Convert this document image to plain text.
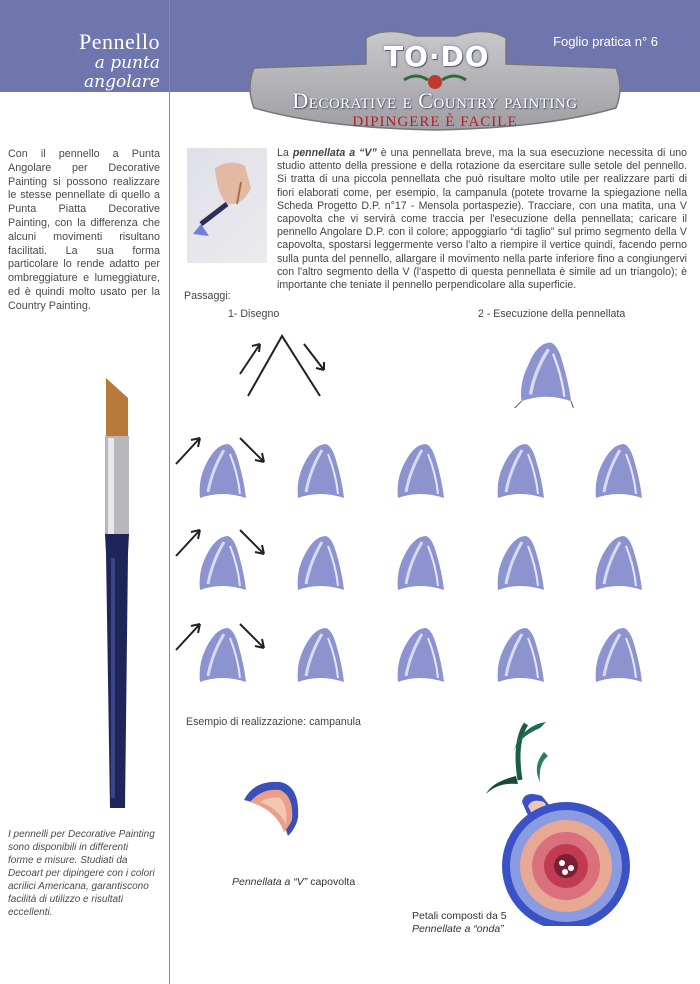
Pennello
a punta
angolare
Foglio pratica n° 6
TO·DO
Decorative e Country painting
DIPINGERE È FACILE
Con il pennello a Punta Angolare per Decorative Painting si possono realizzare le stesse pennellate di quello a Punta Piatta Decorative Painting, con la differenza che alcuni movimenti risultano facilitati. La sua forma particolare lo rende adatto per ombreggiature e lumeggiature, ed è quindi molto usato per la Country Painting.
I pennelli per Decorative Painting sono disponibili in differenti forme e misure. Studiati da Decoart per dipingere con i colori acrilici Americana, garantiscono facilità di utilizzo e risultati eccellenti.
La pennellata a “V” è una pennellata breve, ma la sua esecuzione necessita di uno studio attento della pressione e della rotazione da esercitare sulle setole del pennello. Si tratta di una piccola pennellata che può risultare molto utile per realizzare parti di fiori elaborati come, per esempio, la campanula (potete trovarne la spiegazione nella Scheda Progetto D.P. n°17 - Mensola portaspezie). Tracciare, con una matita, una V capovolta che vi servirà come traccia per l'esecuzione della pennellata; caricare il pennello Angolare D.P. con il colore; appoggiarlo “di taglio” sul primo segmento della V capovolta, spostarsi leggermente verso l'alto a riempire il vertice quindi, facendo perno sulla punta del pennello, allargare il movimento nella parte inferiore fino a congiungervi con l'altro segmento della V (l'aspetto di questa pennellata è simile ad un triangolo); è importante che teniate il pennello perpendicolare alla superficie.
Passaggi:
1- Disegno	2 - Esecuzione della pennellata
Esempio di realizzazione: campanula
Pennellata a “V” capovolta
Petali composti da 5
Pennellate a “onda”
